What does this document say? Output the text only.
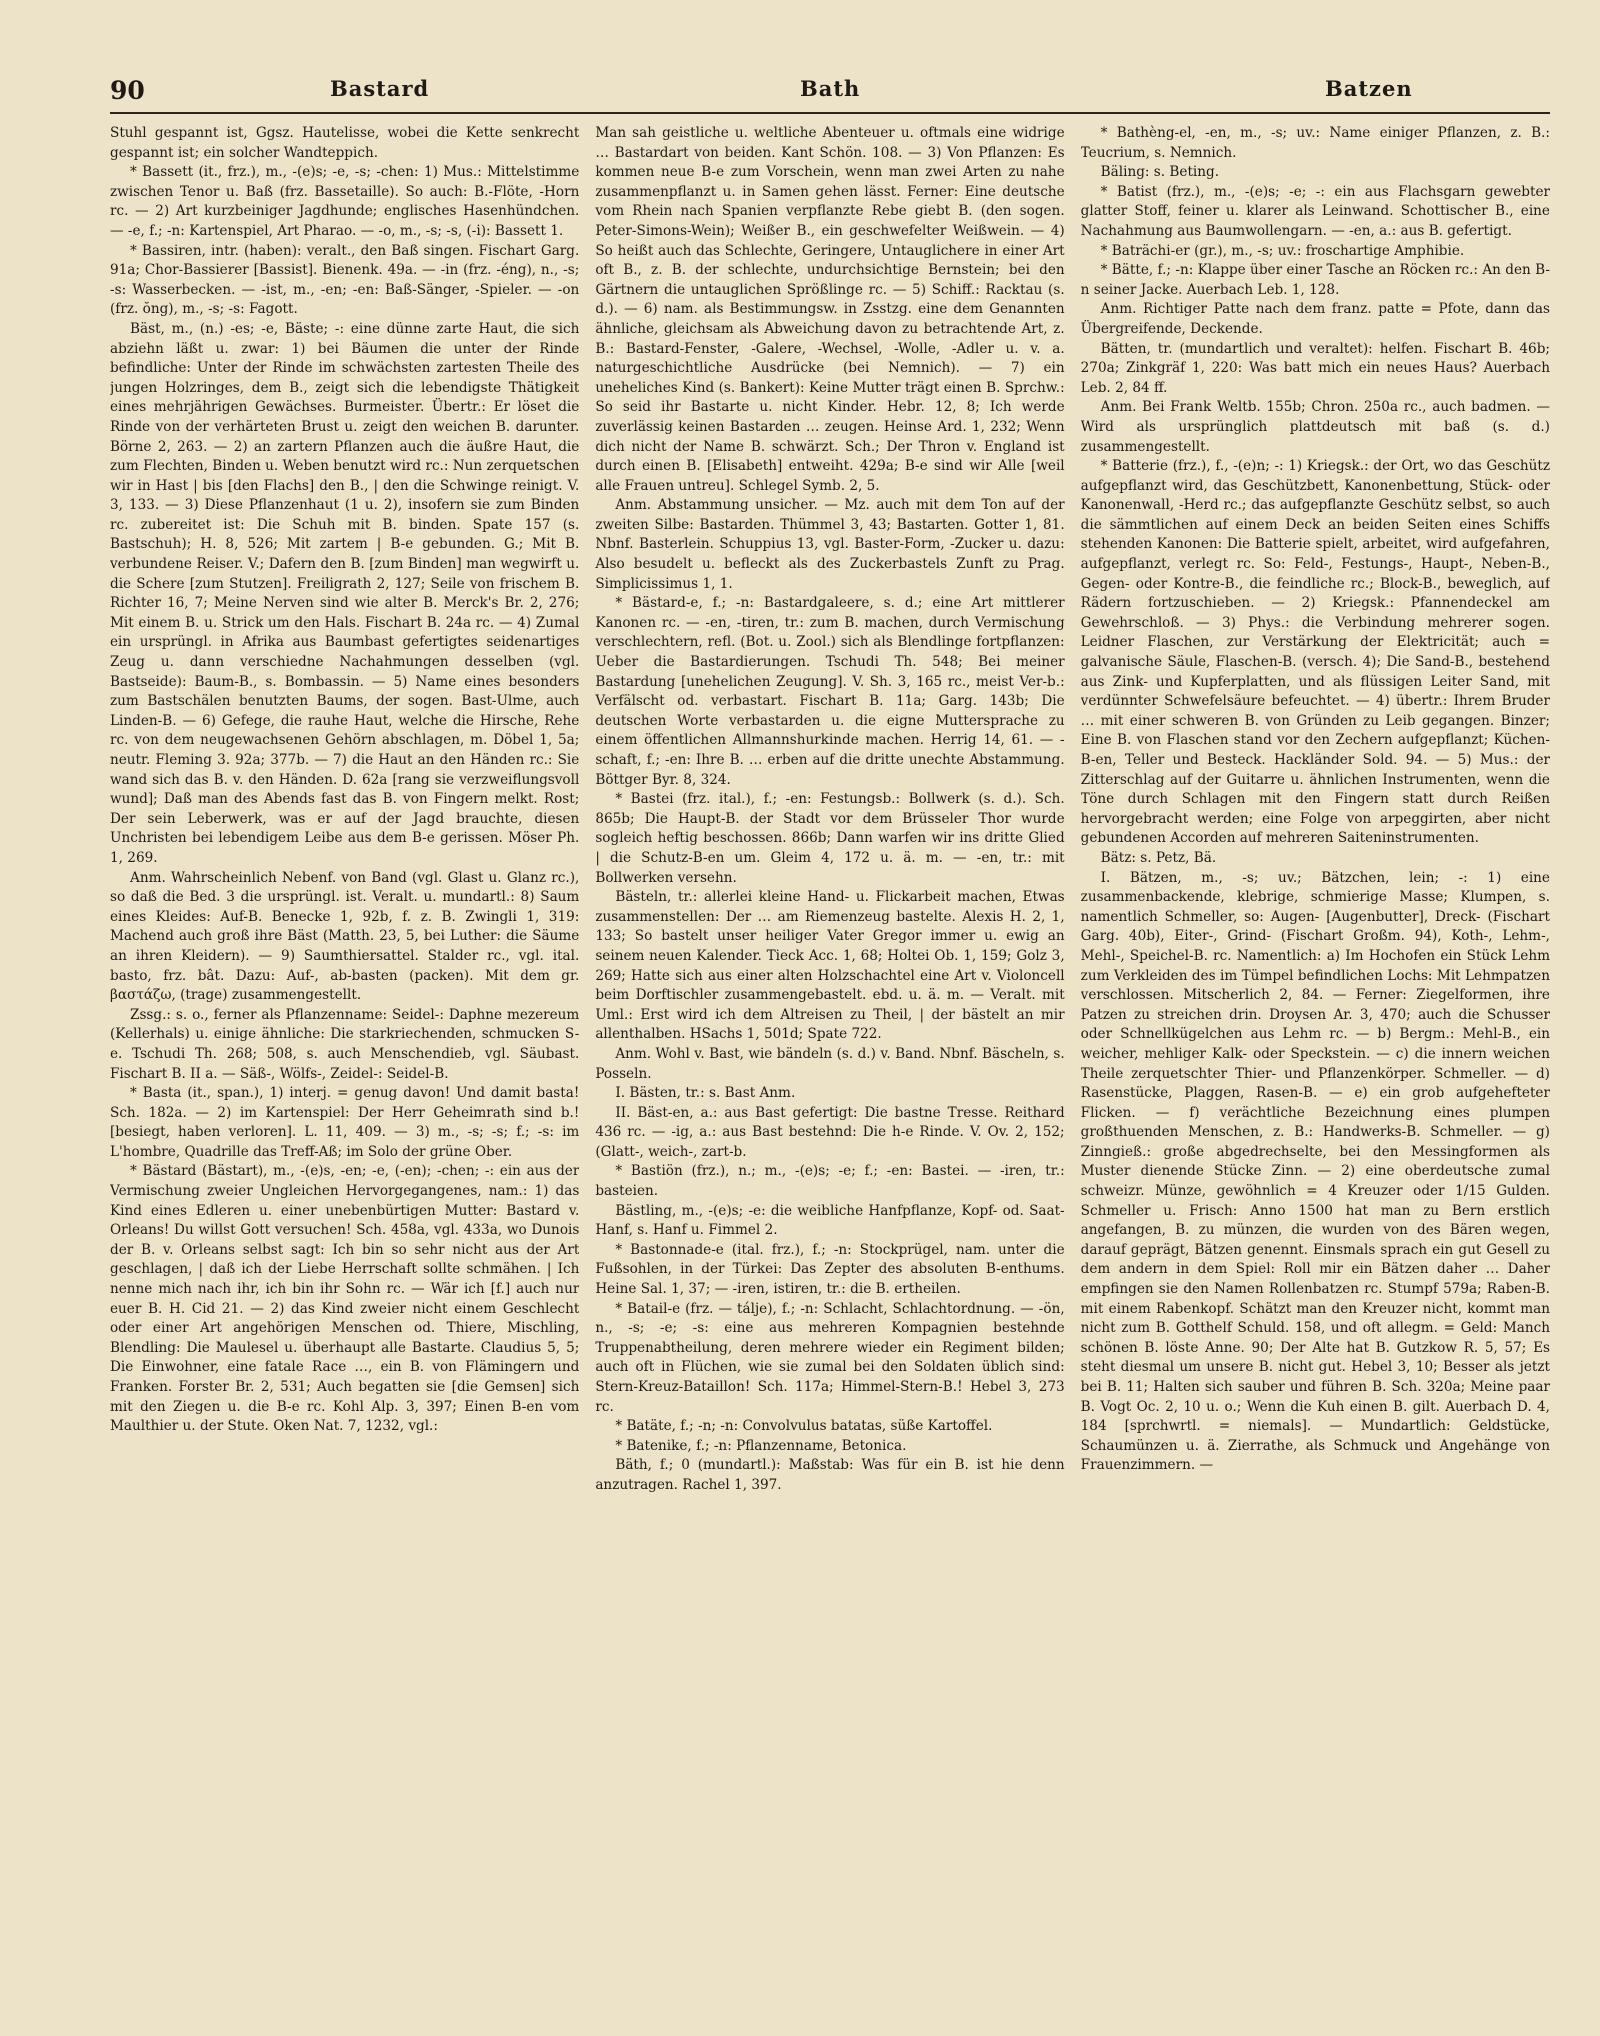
90	Bastard	Bath	Batzen

Stuhl gespannt ist, Ggsz. Hautelisse, wobei die Kette senkrecht gespannt ist; ein solcher Wandteppich.

* Bassett (it., frz.), m., -(e)s; -e, -s; -chen: 1) Mus.: Mittelstimme zwischen Tenor u. Baß (frz. Bassetaille). So auch: B.-Flöte, -Horn rc. — 2) Art kurzbeiniger Jagdhunde; englisches Hasenhündchen. — -e, f.; -n: Kartenspiel, Art Pharao. — -o, m., -s; -s, (-i): Bassett 1.

* Bassiren, intr. (haben): veralt., den Baß singen. Fischart Garg. 91a; Chor-Bassierer [Bassist]. Bienenk. 49a. — -in (frz. -éng), n., -s; -s: Wasserbecken. — -ist, m., -en; -en: Baß-Sänger, -Spieler. — -on (frz. ŏng), m., -s; -s: Fagott.

Bäst, m., (n.) -es; -e, Bäste; -: eine dünne zarte Haut, die sich abziehn läßt u. zwar: 1) bei Bäumen die unter der Rinde befindliche: Unter der Rinde im schwächsten zartesten Theile des jungen Holzringes, dem B., zeigt sich die lebendigste Thätigkeit eines mehrjährigen Gewächses. Burmeister. Übertr.: Er löset die Rinde von der verhärteten Brust u. zeigt den weichen B. darunter. Börne 2, 263. — 2) an zartern Pflanzen auch die äußre Haut, die zum Flechten, Binden u. Weben benutzt wird rc.: Nun zerquetschen wir in Hast | bis [den Flachs] den B., | den die Schwinge reinigt. V. 3, 133. — 3) Diese Pflanzenhaut (1 u. 2), insofern sie zum Binden rc. zubereitet ist: Die Schuh mit B. binden. Spate 157 (s. Bastschuh); H. 8, 526; Mit zartem | B-e gebunden. G.; Mit B. verbundene Reiser. V.; Dafern den B. [zum Binden] man wegwirft u. die Schere [zum Stutzen]. Freiligrath 2, 127; Seile von frischem B. Richter 16, 7; Meine Nerven sind wie alter B. Merck's Br. 2, 276; Mit einem B. u. Strick um den Hals. Fischart B. 24a rc. — 4) Zumal ein ursprüngl. in Afrika aus Baumbast gefertigtes seidenartiges Zeug u. dann verschiedne Nachahmungen desselben (vgl. Bastseide): Baum-B., s. Bombassin. — 5) Name eines besonders zum Bastschälen benutzten Baums, der sogen. Bast-Ulme, auch Linden-B. — 6) Gefege, die rauhe Haut, welche die Hirsche, Rehe rc. von dem neugewachsenen Gehörn abschlagen, m. Döbel 1, 5a; neutr. Fleming 3. 92a; 377b. — 7) die Haut an den Händen rc.: Sie wand sich das B. v. den Händen. D. 62a [rang sie verzweiflungsvoll wund]; Daß man des Abends fast das B. von Fingern melkt. Rost; Der sein Leberwerk, was er auf der Jagd brauchte, diesen Unchristen bei lebendigem Leibe aus dem B-e gerissen. Möser Ph. 1, 269.

Anm. Wahrscheinlich Nebenf. von Band (vgl. Glast u. Glanz rc.), so daß die Bed. 3 die ursprüngl. ist. Veralt. u. mundartl.: 8) Saum eines Kleides: Auf-B. Benecke 1, 92b, f. z. B. Zwingli 1, 319: Machend auch groß ihre Bäst (Matth. 23, 5, bei Luther: die Säume an ihren Kleidern). — 9) Saumthiersattel. Stalder rc., vgl. ital. basto, frz. bât. Dazu: Auf-, ab-basten (packen). Mit dem gr. βαστάζω, (trage) zusammengestellt.

Zssg.: s. o., ferner als Pflanzenname: Seidel-: Daphne mezereum (Kellerhals) u. einige ähnliche: Die starkriechenden, schmucken S-e. Tschudi Th. 268; 508, s. auch Menschendieb, vgl. Säubast. Fischart B. II a. — Säß-, Wölfs-, Zeidel-: Seidel-B.

* Basta (it., span.), 1) interj. = genug davon! Und damit basta! Sch. 182a. — 2) im Kartenspiel: Der Herr Geheimrath sind b.! [besiegt, haben verloren]. L. 11, 409. — 3) m., -s; -s; f.; -s: im L'hombre, Quadrille das Treff-Aß; im Solo der grüne Ober.

* Bästard (Bästart), m., -(e)s, -en; -e, (-en); -chen; -: ein aus der Vermischung zweier Ungleichen Hervorgegangenes, nam.: 1) das Kind eines Edleren u. einer unebenbürtigen Mutter: Bastard v. Orleans! Du willst Gott versuchen! Sch. 458a, vgl. 433a, wo Dunois der B. v. Orleans selbst sagt: Ich bin so sehr nicht aus der Art geschlagen, | daß ich der Liebe Herrschaft sollte schmähen. | Ich nenne mich nach ihr, ich bin ihr Sohn rc. — Wär ich [f.] auch nur euer B. H. Cid 21. — 2) das Kind zweier nicht einem Geschlecht oder einer Art angehörigen Menschen od. Thiere, Mischling, Blendling: Die Maulesel u. überhaupt alle Bastarte. Claudius 5, 5; Die Einwohner, eine fatale Race …, ein B. von Flämingern und Franken. Forster Br. 2, 531; Auch begatten sie [die Gemsen] sich mit den Ziegen u. die B-e rc. Kohl Alp. 3, 397; Einen B-en vom Maulthier u. der Stute. Oken Nat. 7, 1232, vgl.:

Man sah geistliche u. weltliche Abenteuer u. oftmals eine widrige … Bastardart von beiden. Kant Schön. 108. — 3) Von Pflanzen: Es kommen neue B-e zum Vorschein, wenn man zwei Arten zu nahe zusammenpflanzt u. in Samen gehen lässt. Ferner: Eine deutsche vom Rhein nach Spanien verpflanzte Rebe giebt B. (den sogen. Peter-Simons-Wein); Weißer B., ein geschwefelter Weißwein. — 4) So heißt auch das Schlechte, Geringere, Untauglichere in einer Art oft B., z. B. der schlechte, undurchsichtige Bernstein; bei den Gärtnern die untauglichen Sprößlinge rc. — 5) Schiff.: Racktau (s. d.). — 6) nam. als Bestimmungsw. in Zsstzg. eine dem Genannten ähnliche, gleichsam als Abweichung davon zu betrachtende Art, z. B.: Bastard-Fenster, -Galere, -Wechsel, -Wolle, -Adler u. v. a. naturgeschichtliche Ausdrücke (bei Nemnich). — 7) ein uneheliches Kind (s. Bankert): Keine Mutter trägt einen B. Sprchw.: So seid ihr Bastarte u. nicht Kinder. Hebr. 12, 8; Ich werde zuverlässig keinen Bastarden … zeugen. Heinse Ard. 1, 232; Wenn dich nicht der Name B. schwärzt. Sch.; Der Thron v. England ist durch einen B. [Elisabeth] entweiht. 429a; B-e sind wir Alle [weil alle Frauen untreu]. Schlegel Symb. 2, 5.

Anm. Abstammung unsicher. — Mz. auch mit dem Ton auf der zweiten Silbe: Bastarden. Thümmel 3, 43; Bastarten. Gotter 1, 81. Nbnf. Basterlein. Schuppius 13, vgl. Baster-Form, -Zucker u. dazu: Also besudelt u. befleckt als des Zuckerbastels Zunft zu Prag. Simplicissimus 1, 1.

* Bästard-e, f.; -n: Bastardgaleere, s. d.; eine Art mittlerer Kanonen rc. — -en, -tiren, tr.: zum B. machen, durch Vermischung verschlechtern, refl. (Bot. u. Zool.) sich als Blendlinge fortpflanzen: Ueber die Bastardierungen. Tschudi Th. 548; Bei meiner Bastardung [unehelichen Zeugung]. V. Sh. 3, 165 rc., meist Ver-b.: Verfälscht od. verbastart. Fischart B. 11a; Garg. 143b; Die deutschen Worte verbastarden u. die eigne Muttersprache zu einem öffentlichen Allmannshurkinde machen. Herrig 14, 61. — -schaft, f.; -en: Ihre B. … erben auf die dritte unechte Abstammung. Böttger Byr. 8, 324.

* Bastei (frz. ital.), f.; -en: Festungsb.: Bollwerk (s. d.). Sch. 865b; Die Haupt-B. der Stadt vor dem Brüsseler Thor wurde sogleich heftig beschossen. 866b; Dann warfen wir ins dritte Glied | die Schutz-B-en um. Gleim 4, 172 u. ä. m. — -en, tr.: mit Bollwerken versehn.

Bästeln, tr.: allerlei kleine Hand- u. Flickarbeit machen, Etwas zusammenstellen: Der … am Riemenzeug bastelte. Alexis H. 2, 1, 133; So bastelt unser heiliger Vater Gregor immer u. ewig an seinem neuen Kalender. Tieck Acc. 1, 68; Holtei Ob. 1, 159; Golz 3, 269; Hatte sich aus einer alten Holzschachtel eine Art v. Violoncell beim Dorftischler zusammengebastelt. ebd. u. ä. m. — Veralt. mit Uml.: Erst wird ich dem Altreisen zu Theil, | der bästelt an mir allenthalben. HSachs 1, 501d; Spate 722.

Anm. Wohl v. Bast, wie bändeln (s. d.) v. Band. Nbnf. Bäscheln, s. Posseln.

I. Bästen, tr.: s. Bast Anm.

II. Bäst-en, a.: aus Bast gefertigt: Die bastne Tresse. Reithard 436 rc. — -ig, a.: aus Bast bestehnd: Die h-e Rinde. V. Ov. 2, 152; (Glatt-, weich-, zart-b.

* Bastiön (frz.), n.; m., -(e)s; -e; f.; -en: Bastei. — -iren, tr.: basteien.

Bästling, m., -(e)s; -e: die weibliche Hanfpflanze, Kopf- od. Saat-Hanf, s. Hanf u. Fimmel 2.

* Bastonnade-e (ital. frz.), f.; -n: Stockprügel, nam. unter die Fußsohlen, in der Türkei: Das Zepter des absoluten B-enthums. Heine Sal. 1, 37; — -iren, istiren, tr.: die B. ertheilen.

* Batail-e (frz. — tálje), f.; -n: Schlacht, Schlachtordnung. — -ön, n., -s; -e; -s: eine aus mehreren Kompagnien bestehnde Truppenabtheilung, deren mehrere wieder ein Regiment bilden; auch oft in Flüchen, wie sie zumal bei den Soldaten üblich sind: Stern-Kreuz-Bataillon! Sch. 117a; Himmel-Stern-B.! Hebel 3, 273 rc.

* Batäte, f.; -n; -n: Convolvulus batatas, süße Kartoffel.

* Batenike, f.; -n: Pflanzenname, Betonica.

Bäth, f.; 0 (mundartl.): Maßstab: Was für ein B. ist hie denn anzutragen. Rachel 1, 397.

* Bathèng-el, -en, m., -s; uv.: Name einiger Pflanzen, z. B.: Teucrium, s. Nemnich.

Bäling: s. Beting.

* Batist (frz.), m., -(e)s; -e; -: ein aus Flachsgarn gewebter glatter Stoff, feiner u. klarer als Leinwand. Schottischer B., eine Nachahmung aus Baumwollengarn. — -en, a.: aus B. gefertigt.

* Baträchi-er (gr.), m., -s; uv.: froschartige Amphibie.

* Bätte, f.; -n: Klappe über einer Tasche an Röcken rc.: An den B-n seiner Jacke. Auerbach Leb. 1, 128.

Anm. Richtiger Patte nach dem franz. patte = Pfote, dann das Übergreifende, Deckende.

Bätten, tr. (mundartlich und veraltet): helfen. Fischart B. 46b; 270a; Zinkgräf 1, 220: Was batt mich ein neues Haus? Auerbach Leb. 2, 84 ff.

Anm. Bei Frank Weltb. 155b; Chron. 250a rc., auch badmen. — Wird als ursprünglich plattdeutsch mit baß (s. d.) zusammengestellt.

* Batterie (frz.), f., -(e)n; -: 1) Kriegsk.: der Ort, wo das Geschütz aufgepflanzt wird, das Geschützbett, Kanonenbettung, Stück- oder Kanonenwall, -Herd rc.; das aufgepflanzte Geschütz selbst, so auch die sämmtlichen auf einem Deck an beiden Seiten eines Schiffs stehenden Kanonen: Die Batterie spielt, arbeitet, wird aufgefahren, aufgepflanzt, verlegt rc. So: Feld-, Festungs-, Haupt-, Neben-B., Gegen- oder Kontre-B., die feindliche rc.; Block-B., beweglich, auf Rädern fortzuschieben. — 2) Kriegsk.: Pfannendeckel am Gewehrschloß. — 3) Phys.: die Verbindung mehrerer sogen. Leidner Flaschen, zur Verstärkung der Elektricität; auch = galvanische Säule, Flaschen-B. (versch. 4); Die Sand-B., bestehend aus Zink- und Kupferplatten, und als flüssigen Leiter Sand, mit verdünnter Schwefelsäure befeuchtet. — 4) übertr.: Ihrem Bruder … mit einer schweren B. von Gründen zu Leib gegangen. Binzer; Eine B. von Flaschen stand vor den Zechern aufgepflanzt; Küchen-B-en, Teller und Besteck. Hackländer Sold. 94. — 5) Mus.: der Zitterschlag auf der Guitarre u. ähnlichen Instrumenten, wenn die Töne durch Schlagen mit den Fingern statt durch Reißen hervorgebracht werden; eine Folge von arpeggirten, aber nicht gebundenen Accorden auf mehreren Saiteninstrumenten.

Bätz: s. Petz, Bä.

I. Bätzen, m., -s; uv.; Bätzchen, lein; -: 1) eine zusammenbackende, klebrige, schmierige Masse; Klumpen, s. namentlich Schmeller, so: Augen- [Augenbutter], Dreck- (Fischart Garg. 40b), Eiter-, Grind- (Fischart Großm. 94), Koth-, Lehm-, Mehl-, Speichel-B. rc. Namentlich: a) Im Hochofen ein Stück Lehm zum Verkleiden des im Tümpel befindlichen Lochs: Mit Lehmpatzen verschlossen. Mitscherlich 2, 84. — Ferner: Ziegelformen, ihre Patzen zu streichen drin. Droysen Ar. 3, 470; auch die Schusser oder Schnellkügelchen aus Lehm rc. — b) Bergm.: Mehl-B., ein weicher, mehliger Kalk- oder Speckstein. — c) die innern weichen Theile zerquetschter Thier- und Pflanzenkörper. Schmeller. — d) Rasenstücke, Plaggen, Rasen-B. — e) ein grob aufgehefteter Flicken. — f) verächtliche Bezeichnung eines plumpen großthuenden Menschen, z. B.: Handwerks-B. Schmeller. — g) Zinngieß.: große abgedrechselte, bei den Messingformen als Muster dienende Stücke Zinn. — 2) eine oberdeutsche zumal schweizr. Münze, gewöhnlich = 4 Kreuzer oder 1/15 Gulden. Schmeller u. Frisch: Anno 1500 hat man zu Bern erstlich angefangen, B. zu münzen, die wurden von des Bären wegen, darauf geprägt, Bätzen genennt. Einsmals sprach ein gut Gesell zu dem andern in dem Spiel: Roll mir ein Bätzen daher … Daher empfingen sie den Namen Rollenbatzen rc. Stumpf 579a; Raben-B. mit einem Rabenkopf. Schätzt man den Kreuzer nicht, kommt man nicht zum B. Gotthelf Schuld. 158, und oft allegm. = Geld: Manch schönen B. löste Anne. 90; Der Alte hat B. Gutzkow R. 5, 57; Es steht diesmal um unsere B. nicht gut. Hebel 3, 10; Besser als jetzt bei B. 11; Halten sich sauber und führen B. Sch. 320a; Meine paar B. Vogt Oc. 2, 10 u. o.; Wenn die Kuh einen B. gilt. Auerbach D. 4, 184 [sprchwrtl. = niemals]. — Mundartlich: Geldstücke, Schaumünzen u. ä. Zierrathe, als Schmuck und Angehänge von Frauenzimmern. —
